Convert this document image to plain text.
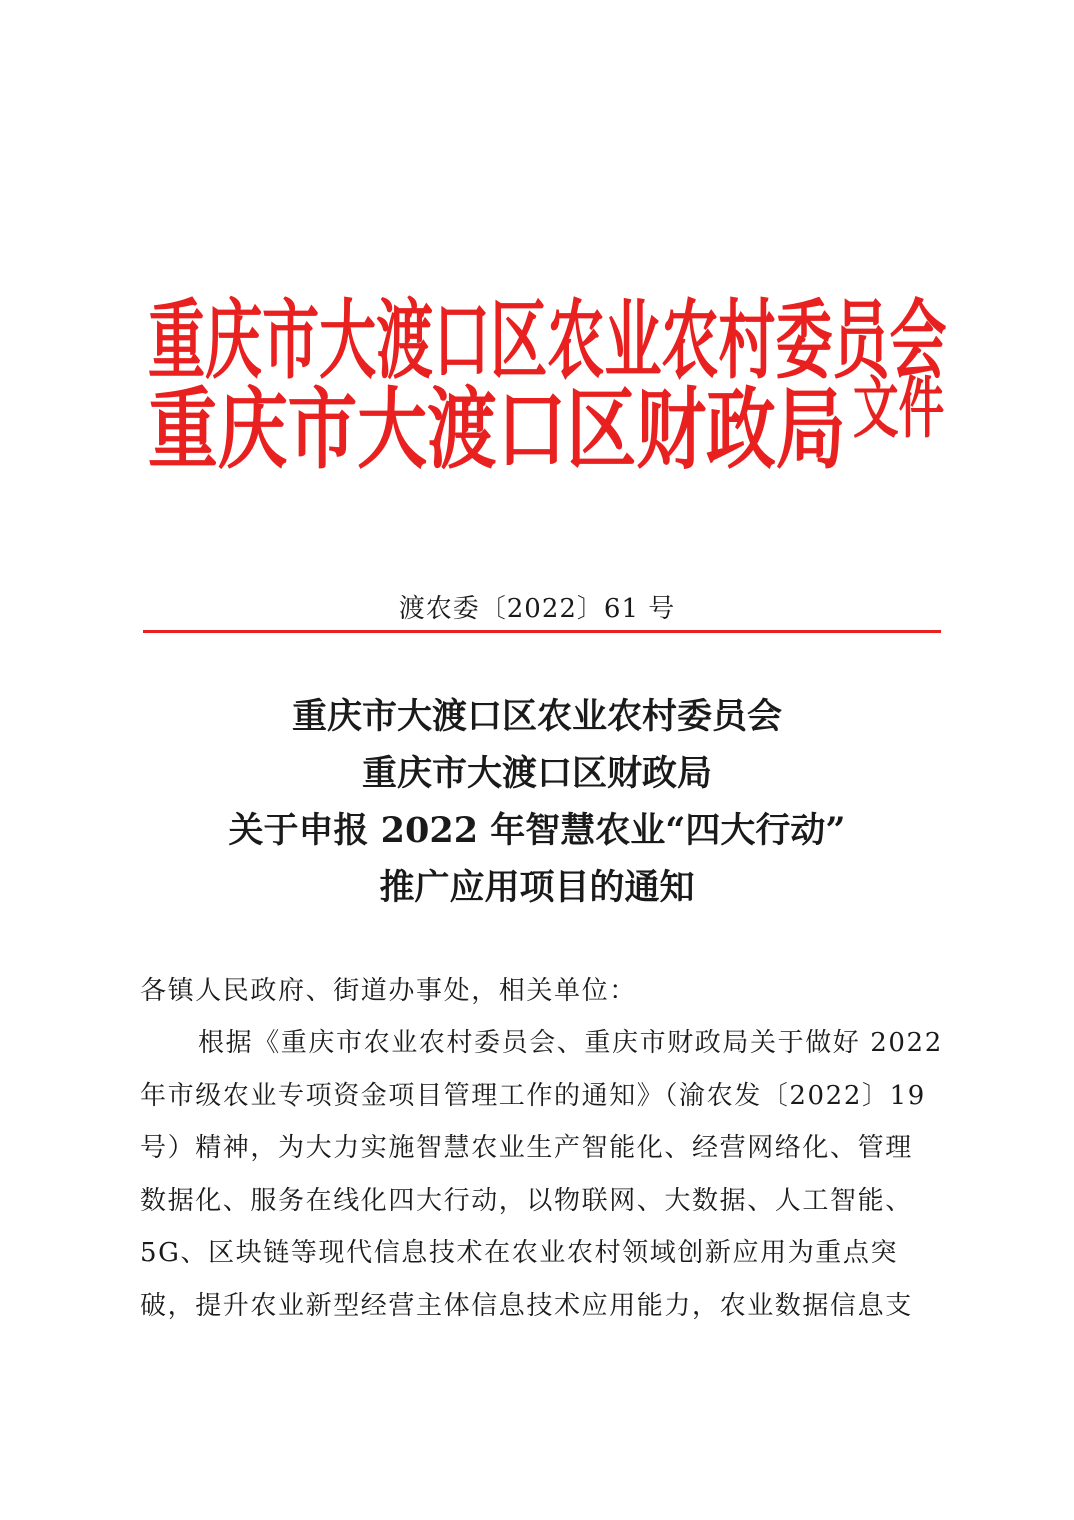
重庆市大渡口区农业农村委员会
重庆市大渡口区财政局 文件
渡农委〔2022〕61 号
重庆市大渡口区农业农村委员会
重庆市大渡口区财政局
关于申报 2022 年智慧农业“四大行动”
推广应用项目的通知
各镇人民政府、街道办事处，相关单位：
根据《重庆市农业农村委员会、重庆市财政局关于做好 2022
年市级农业专项资金项目管理工作的通知》（渝农发〔2022〕19
号）精神，为大力实施智慧农业生产智能化、经营网络化、管理
数据化、服务在线化四大行动，以物联网、大数据、人工智能、
5G、区块链等现代信息技术在农业农村领域创新应用为重点突
破，提升农业新型经营主体信息技术应用能力，农业数据信息支
